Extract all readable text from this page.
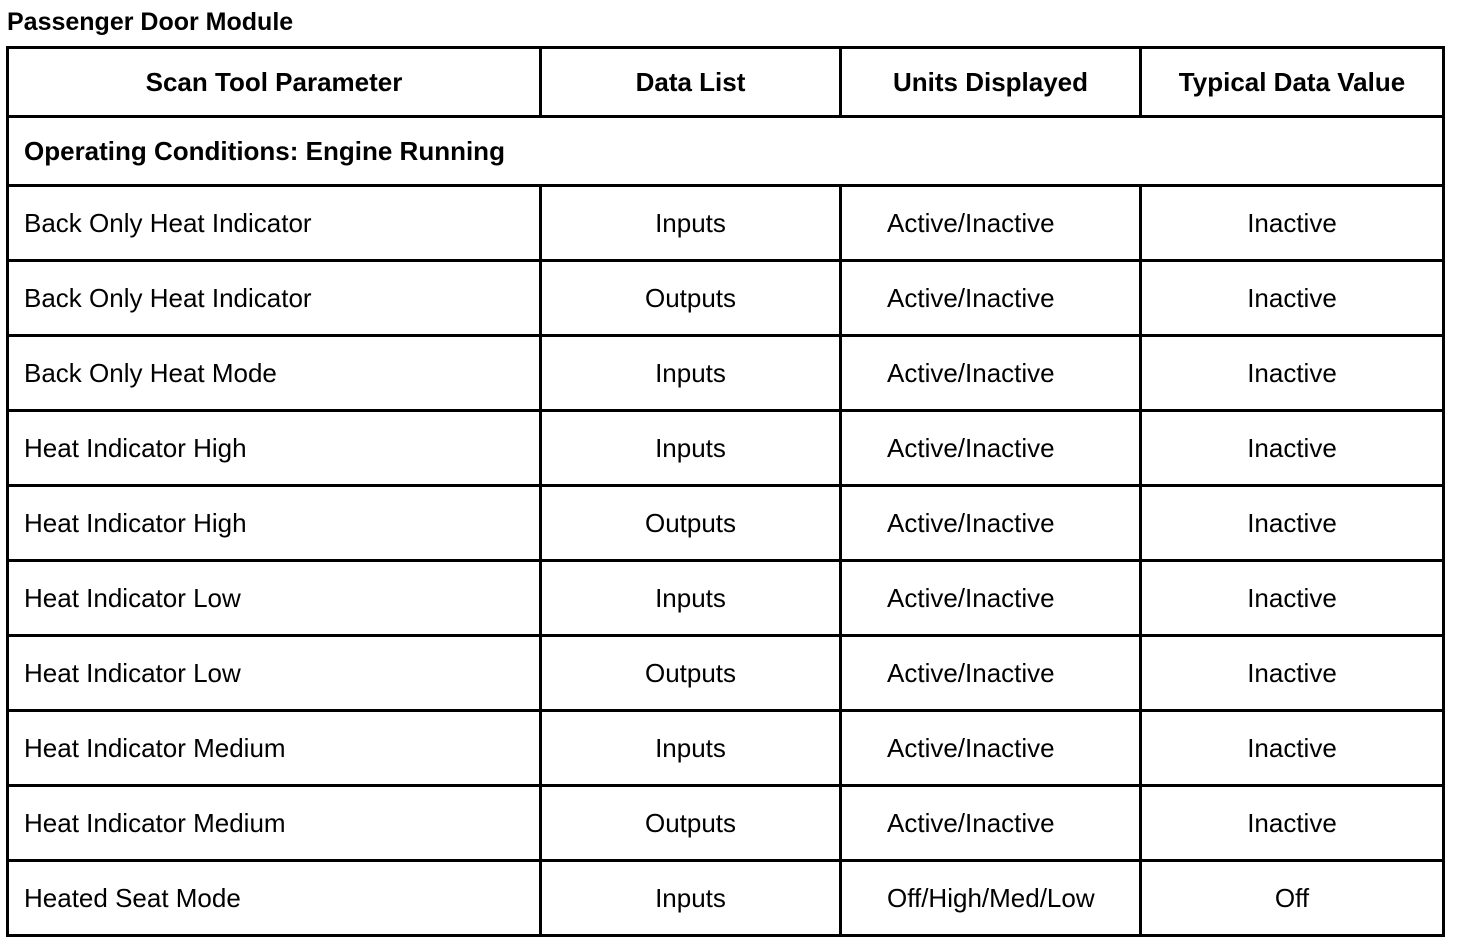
Passenger Door Module
Scan Tool Parameter	Data List	Units Displayed	Typical Data Value
Operating Conditions: Engine Running			
Back Only Heat Indicator	Inputs	Active/Inactive	Inactive
Back Only Heat Indicator	Outputs	Active/Inactive	Inactive
Back Only Heat Mode	Inputs	Active/Inactive	Inactive
Heat Indicator High	Inputs	Active/Inactive	Inactive
Heat Indicator High	Outputs	Active/Inactive	Inactive
Heat Indicator Low	Inputs	Active/Inactive	Inactive
Heat Indicator Low	Outputs	Active/Inactive	Inactive
Heat Indicator Medium	Inputs	Active/Inactive	Inactive
Heat Indicator Medium	Outputs	Active/Inactive	Inactive
Heated Seat Mode	Inputs	Off/High/Med/Low	Off
